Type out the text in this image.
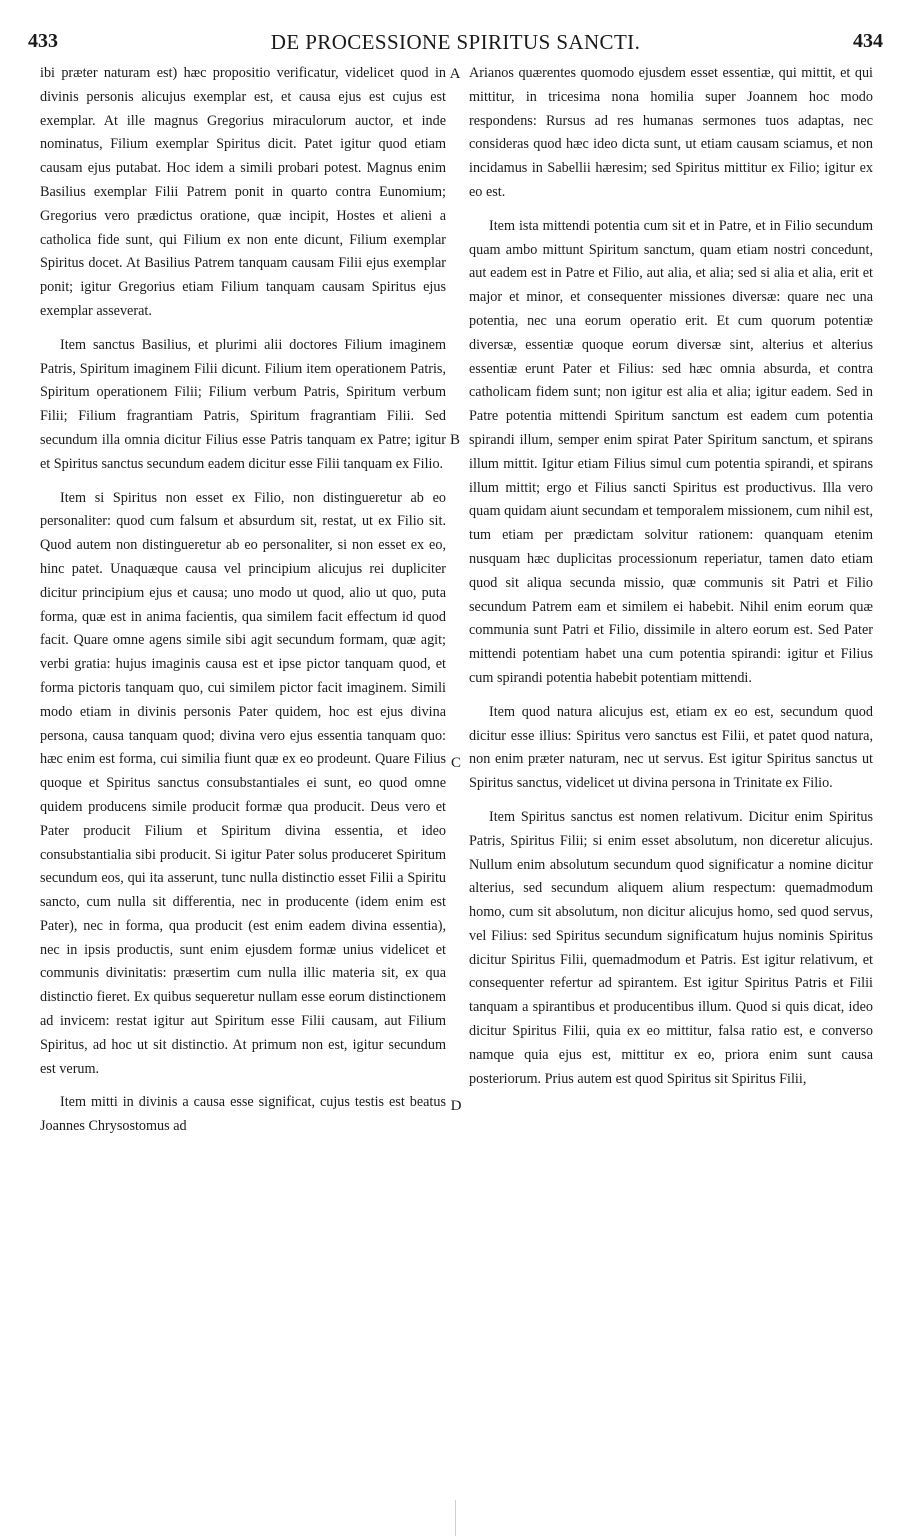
433	DE PROCESSIONE SPIRITUS SANCTI.	434

ibi præter naturam est) hæc propositio verificatur, videlicet quod in divinis personis alicujus exemplar est, et causa ejus est cujus est exemplar. At ille magnus Gregorius miraculorum auctor, et inde nominatus, Filium exemplar Spiritus dicit. Patet igitur quod etiam causam ejus putabat. Hoc idem a simili probari potest. Magnus enim Basilius exemplar Filii Patrem ponit in quarto contra Eunomium; Gregorius vero prædictus oratione, quæ incipit, Hostes et alieni a catholica fide sunt, qui Filium ex non ente dicunt, Filium exemplar Spiritus docet. At Basilius Patrem tanquam causam Filii ejus exemplar ponit; igitur Gregorius etiam Filium tanquam causam Spiritus ejus exemplar asseverat.

Item sanctus Basilius, et plurimi alii doctores Filium imaginem Patris, Spiritum imaginem Filii dicunt. Filium item operationem Patris, Spiritum operationem Filii; Filium verbum Patris, Spiritum verbum Filii; Filium fragrantiam Patris, Spiritum fragrantiam Filii. Sed secundum illa omnia dicitur Filius esse Patris tanquam ex Patre; igitur et Spiritus sanctus secundum eadem dicitur esse Filii tanquam ex Filio.

Item si Spiritus non esset ex Filio, non distingueretur ab eo personaliter: quod cum falsum et absurdum sit, restat, ut ex Filio sit. Quod autem non distingueretur ab eo personaliter, si non esset ex eo, hinc patet. Unaquæque causa vel principium alicujus rei dupliciter dicitur principium ejus et causa; uno modo ut quod, alio ut quo, puta forma, quæ est in anima facientis, qua similem facit effectum id quod facit. Quare omne agens simile sibi agit secundum formam, quæ agit; verbi gratia: hujus imaginis causa est et ipse pictor tanquam quod, et forma pictoris tanquam quo, cui similem pictor facit imaginem. Simili modo etiam in divinis personis Pater quidem, hoc est ejus divina persona, causa tanquam quod; divina vero ejus essentia tanquam quo: hæc enim est forma, cui similia fiunt quæ ex eo prodeunt. Quare Filius quoque et Spiritus sanctus consubstantiales ei sunt, eo quod omne quidem producens simile producit formæ qua producit. Deus vero et Pater producit Filium et Spiritum divina essentia, et ideo consubstantialia sibi producit. Si igitur Pater solus produceret Spiritum secundum eos, qui ita asserunt, tunc nulla distinctio esset Filii a Spiritu sancto, cum nulla sit differentia, nec in producente (idem enim est Pater), nec in forma, qua producit (est enim eadem divina essentia), nec in ipsis productis, sunt enim ejusdem formæ unius videlicet et communis divinitatis: præsertim cum nulla illic materia sit, ex qua distinctio fieret. Ex quibus sequeretur nullam esse eorum distinctionem ad invicem: restat igitur aut Spiritum esse Filii causam, aut Filium Spiritus, ad hoc ut sit distinctio. At primum non est, igitur secundum est verum.

Item mitti in divinis a causa esse significat, cujus testis est beatus Joannes Chrysostomus ad

Arianos quærentes quomodo ejusdem esset essentiæ, qui mittit, et qui mittitur, in tricesima nona homilia super Joannem hoc modo respondens: Rursus ad res humanas sermones tuos adaptas, nec consideras quod hæc ideo dicta sunt, ut etiam causam sciamus, et non incidamus in Sabellii hæresim; sed Spiritus mittitur ex Filio; igitur ex eo est.

Item ista mittendi potentia cum sit et in Patre, et in Filio secundum quam ambo mittunt Spiritum sanctum, quam etiam nostri concedunt, aut eadem est in Patre et Filio, aut alia, et alia; sed si alia et alia, erit et major et minor, et consequenter missiones diversæ: quare nec una potentia, nec una eorum operatio erit. Et cum quorum potentiæ diversæ, essentiæ quoque eorum diversæ sint, alterius et alterius essentiæ erunt Pater et Filius: sed hæc omnia absurda, et contra catholicam fidem sunt; non igitur est alia et alia; igitur eadem. Sed in Patre potentia mittendi Spiritum sanctum est eadem cum potentia spirandi illum, semper enim spirat Pater Spiritum sanctum, et spirans illum mittit. Igitur etiam Filius simul cum potentia spirandi, et spirans illum mittit; ergo et Filius sancti Spiritus est productivus. Illa vero quam quidam aiunt secundam et temporalem missionem, cum nihil est, tum etiam per prædictam solvitur rationem: quanquam etenim nusquam hæc duplicitas processionum reperiatur, tamen dato etiam quod sit aliqua secunda missio, quæ communis sit Patri et Filio secundum Patrem eam et similem ei habebit. Nihil enim eorum quæ communia sunt Patri et Filio, dissimile in altero eorum est. Sed Pater mittendi potentiam habet una cum potentia spirandi: igitur et Filius cum spirandi potentia habebit potentiam mittendi.

Item quod natura alicujus est, etiam ex eo est, secundum quod dicitur esse illius: Spiritus vero sanctus est Filii, et patet quod natura, non enim præter naturam, nec ut servus. Est igitur Spiritus sanctus ut Spiritus sanctus, videlicet ut divina persona in Trinitate ex Filio.

Item Spiritus sanctus est nomen relativum. Dicitur enim Spiritus Patris, Spiritus Filii; si enim esset absolutum, non diceretur alicujus. Nullum enim absolutum secundum quod significatur a nomine dicitur alterius, sed secundum aliquem alium respectum: quemadmodum homo, cum sit absolutum, non dicitur alicujus homo, sed quod servus, vel Filius: sed Spiritus secundum significatum hujus nominis Spiritus dicitur Spiritus Filii, quemadmodum et Patris. Est igitur relativum, et consequenter refertur ad spirantem. Est igitur Spiritus Patris et Filii tanquam a spirantibus et producentibus illum. Quod si quis dicat, ideo dicitur Spiritus Filii, quia ex eo mittitur, falsa ratio est, e converso namque quia ejus est, mittitur ex eo, priora enim sunt causa posteriorum. Prius autem est quod Spiritus sit Spiritus Filii,

A
B
C
D
